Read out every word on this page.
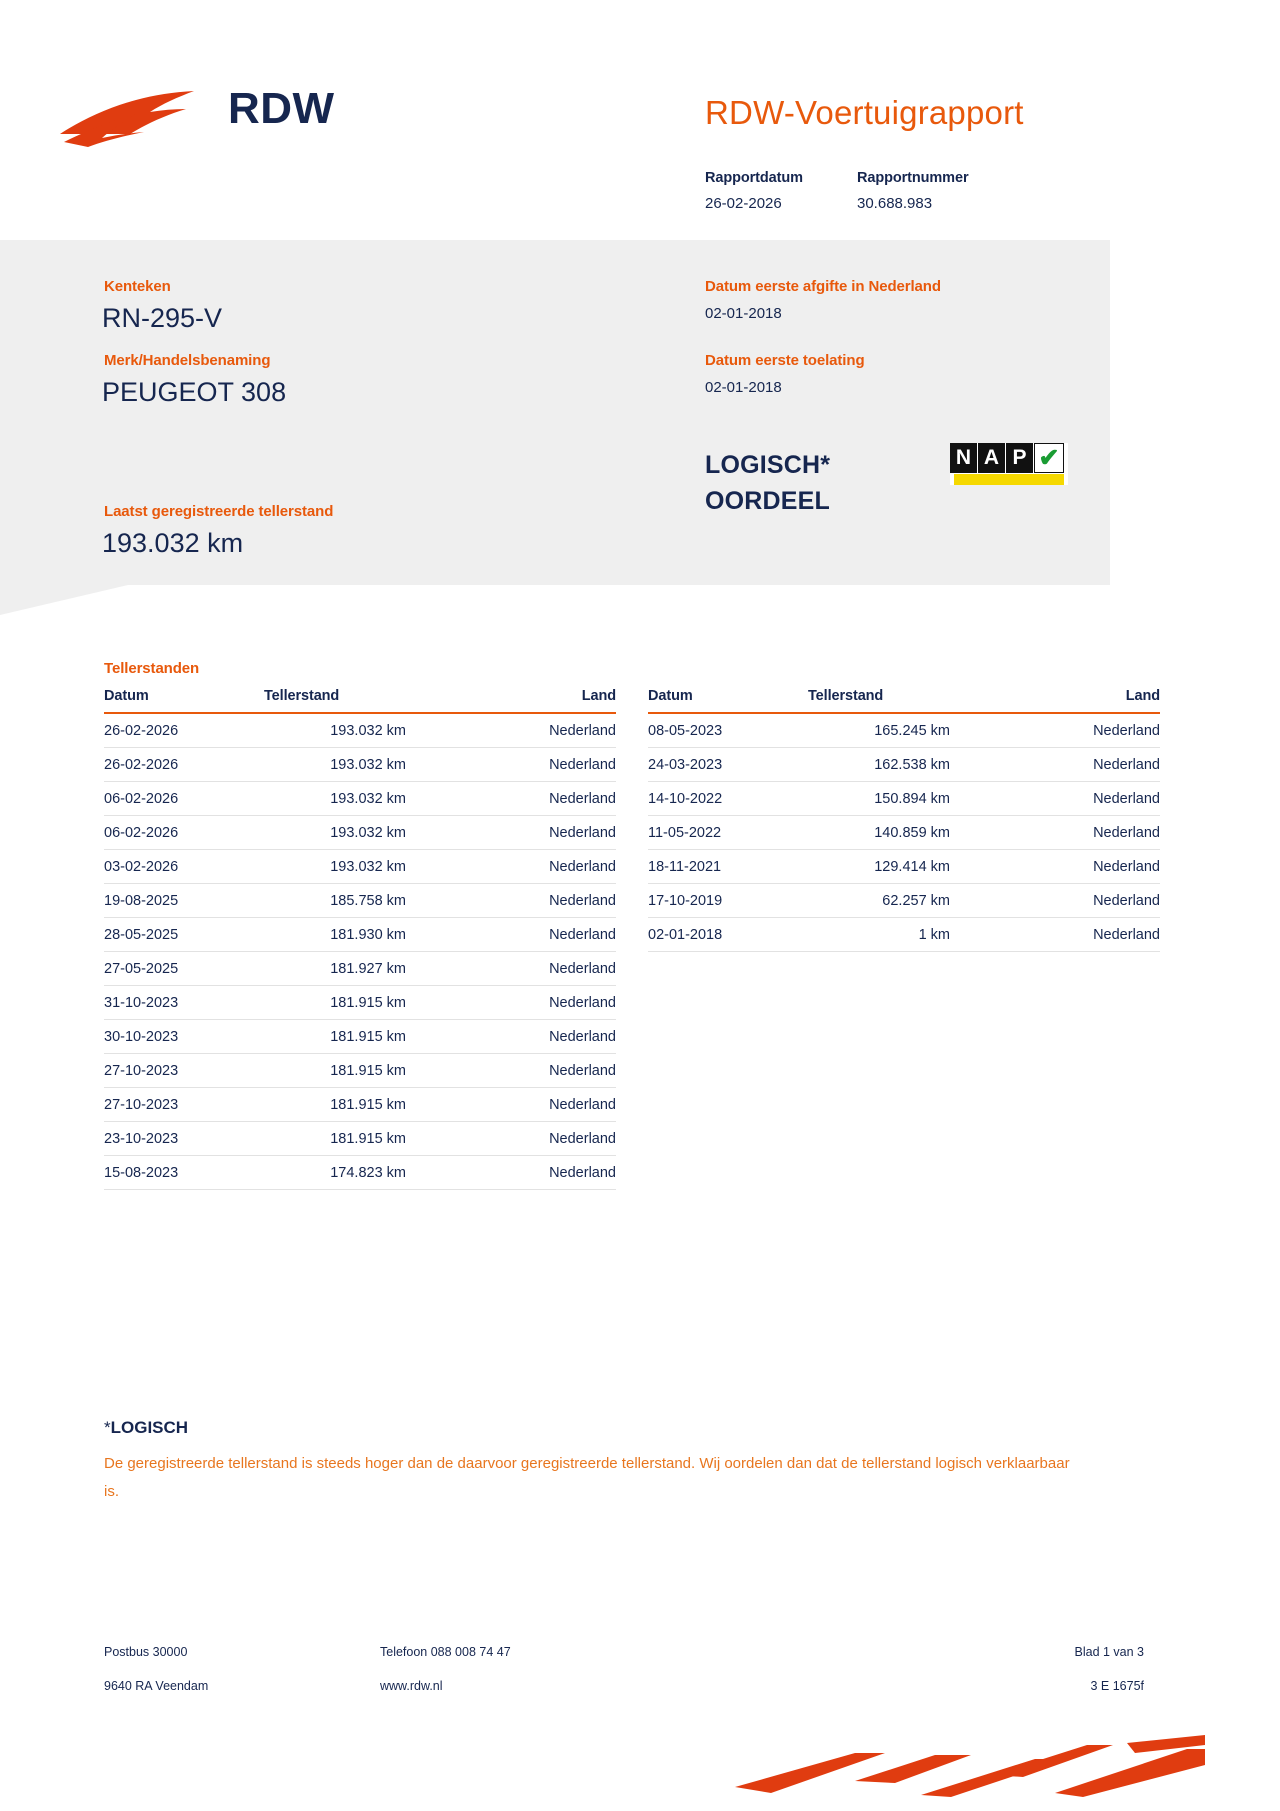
RDW	RDW-Voertuigrapport
Rapportdatum
26-02-2026
Rapportnummer
30.688.983
Kenteken
RN-295-V
Merk/Handelsbenaming
PEUGEOT 308
Laatst geregistreerde tellerstand
193.032 km
Datum eerste afgifte in Nederland
02-01-2018
Datum eerste toelating
02-01-2018
LOGISCH*
OORDEEL
N A P ✔
Tellerstanden
Datum	Tellerstand	Land
26-02-2026	193.032 km	Nederland
26-02-2026	193.032 km	Nederland
06-02-2026	193.032 km	Nederland
06-02-2026	193.032 km	Nederland
03-02-2026	193.032 km	Nederland
19-08-2025	185.758 km	Nederland
28-05-2025	181.930 km	Nederland
27-05-2025	181.927 km	Nederland
31-10-2023	181.915 km	Nederland
30-10-2023	181.915 km	Nederland
27-10-2023	181.915 km	Nederland
27-10-2023	181.915 km	Nederland
23-10-2023	181.915 km	Nederland
15-08-2023	174.823 km	Nederland
Datum	Tellerstand	Land
08-05-2023	165.245 km	Nederland
24-03-2023	162.538 km	Nederland
14-10-2022	150.894 km	Nederland
11-05-2022	140.859 km	Nederland
18-11-2021	129.414 km	Nederland
17-10-2019	62.257 km	Nederland
02-01-2018	1 km	Nederland
*LOGISCH
De geregistreerde tellerstand is steeds hoger dan de daarvoor geregistreerde tellerstand. Wij oordelen dan dat de tellerstand logisch verklaarbaar is.
Postbus 30000	Telefoon 088 008 74 47	Blad 1 van 3
9640 RA Veendam	www.rdw.nl	3 E 1675f
